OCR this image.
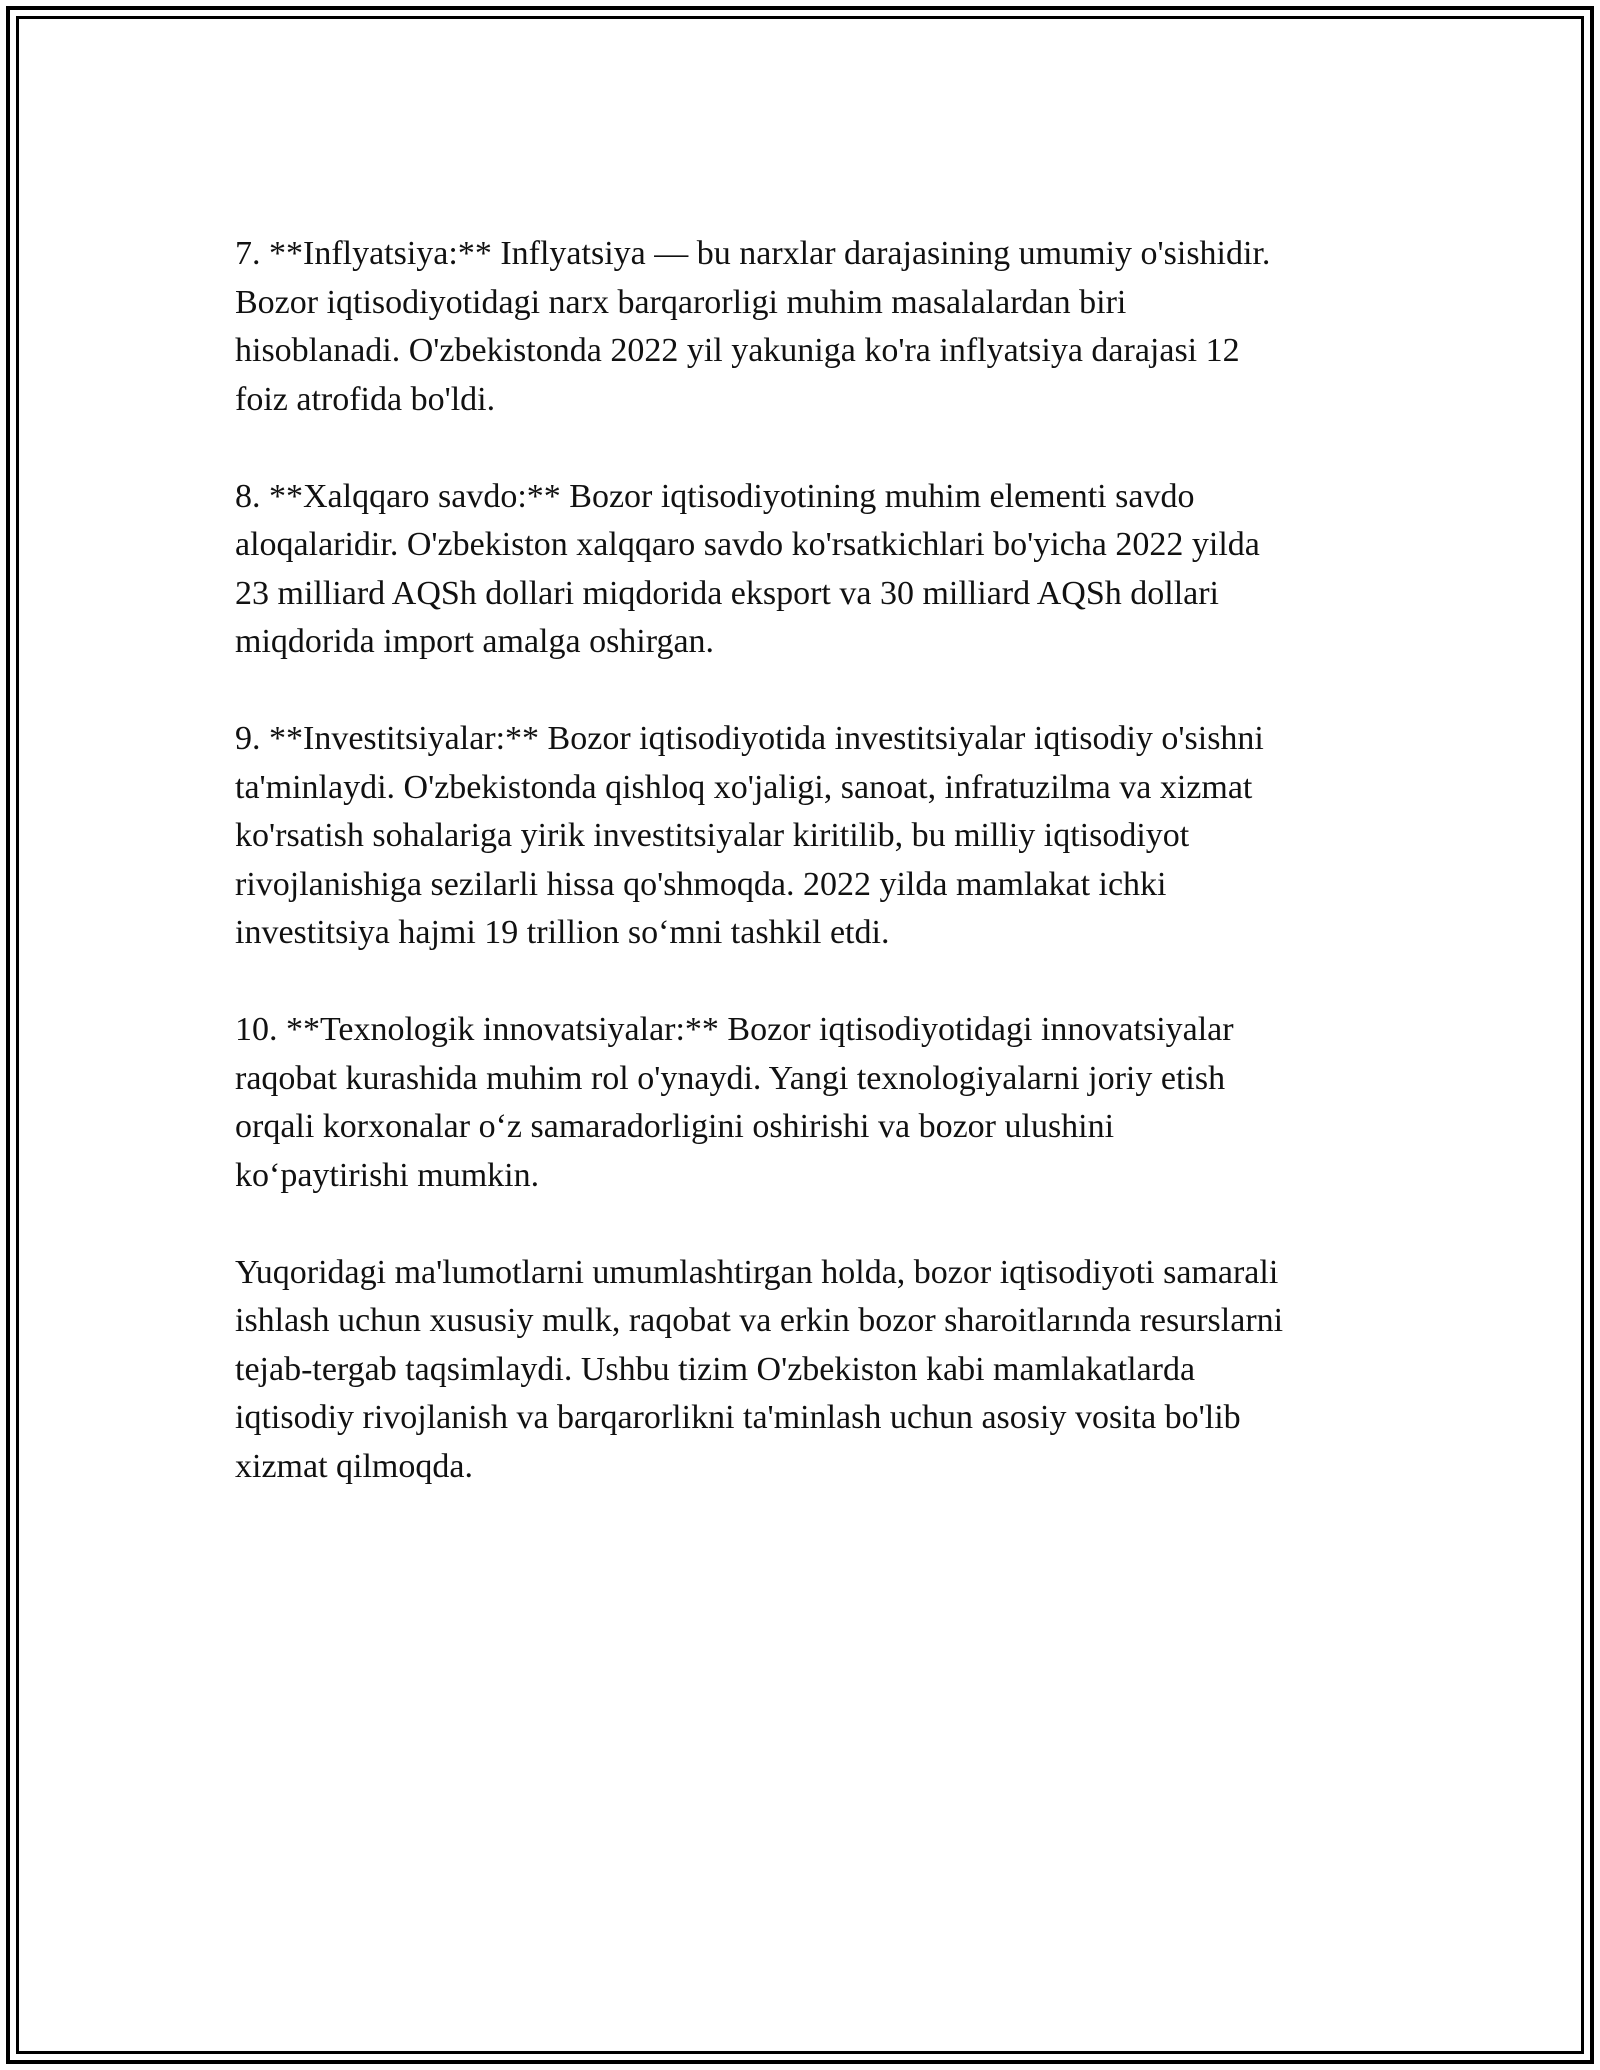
7. **Inflyatsiya:** Inflyatsiya — bu narxlar darajasining umumiy o'sishidir.
Bozor iqtisodiyotidagi narx barqarorligi muhim masalalardan biri
hisoblanadi. O'zbekistonda 2022 yil yakuniga ko'ra inflyatsiya darajasi 12
foiz atrofida bo'ldi.

8. **Xalqqaro savdo:** Bozor iqtisodiyotining muhim elementi savdo
aloqalaridir. O'zbekiston xalqqaro savdo ko'rsatkichlari bo'yicha 2022 yilda
23 milliard AQSh dollari miqdorida eksport va 30 milliard AQSh dollari
miqdorida import amalga oshirgan.

9. **Investitsiyalar:** Bozor iqtisodiyotida investitsiyalar iqtisodiy o'sishni
ta'minlaydi. O'zbekistonda qishloq xo'jaligi, sanoat, infratuzilma va xizmat
ko'rsatish sohalariga yirik investitsiyalar kiritilib, bu milliy iqtisodiyot
rivojlanishiga sezilarli hissa qo'shmoqda. 2022 yilda mamlakat ichki
investitsiya hajmi 19 trillion so‘mni tashkil etdi.

10. **Texnologik innovatsiyalar:** Bozor iqtisodiyotidagi innovatsiyalar
raqobat kurashida muhim rol o'ynaydi. Yangi texnologiyalarni joriy etish
orqali korxonalar o‘z samaradorligini oshirishi va bozor ulushini
ko‘paytirishi mumkin.

Yuqoridagi ma'lumotlarni umumlashtirgan holda, bozor iqtisodiyoti samarali
ishlash uchun xususiy mulk, raqobat va erkin bozor sharoitlarında resurslarni
tejab-tergab taqsimlaydi. Ushbu tizim O'zbekiston kabi mamlakatlarda
iqtisodiy rivojlanish va barqarorlikni ta'minlash uchun asosiy vosita bo'lib
xizmat qilmoqda.
